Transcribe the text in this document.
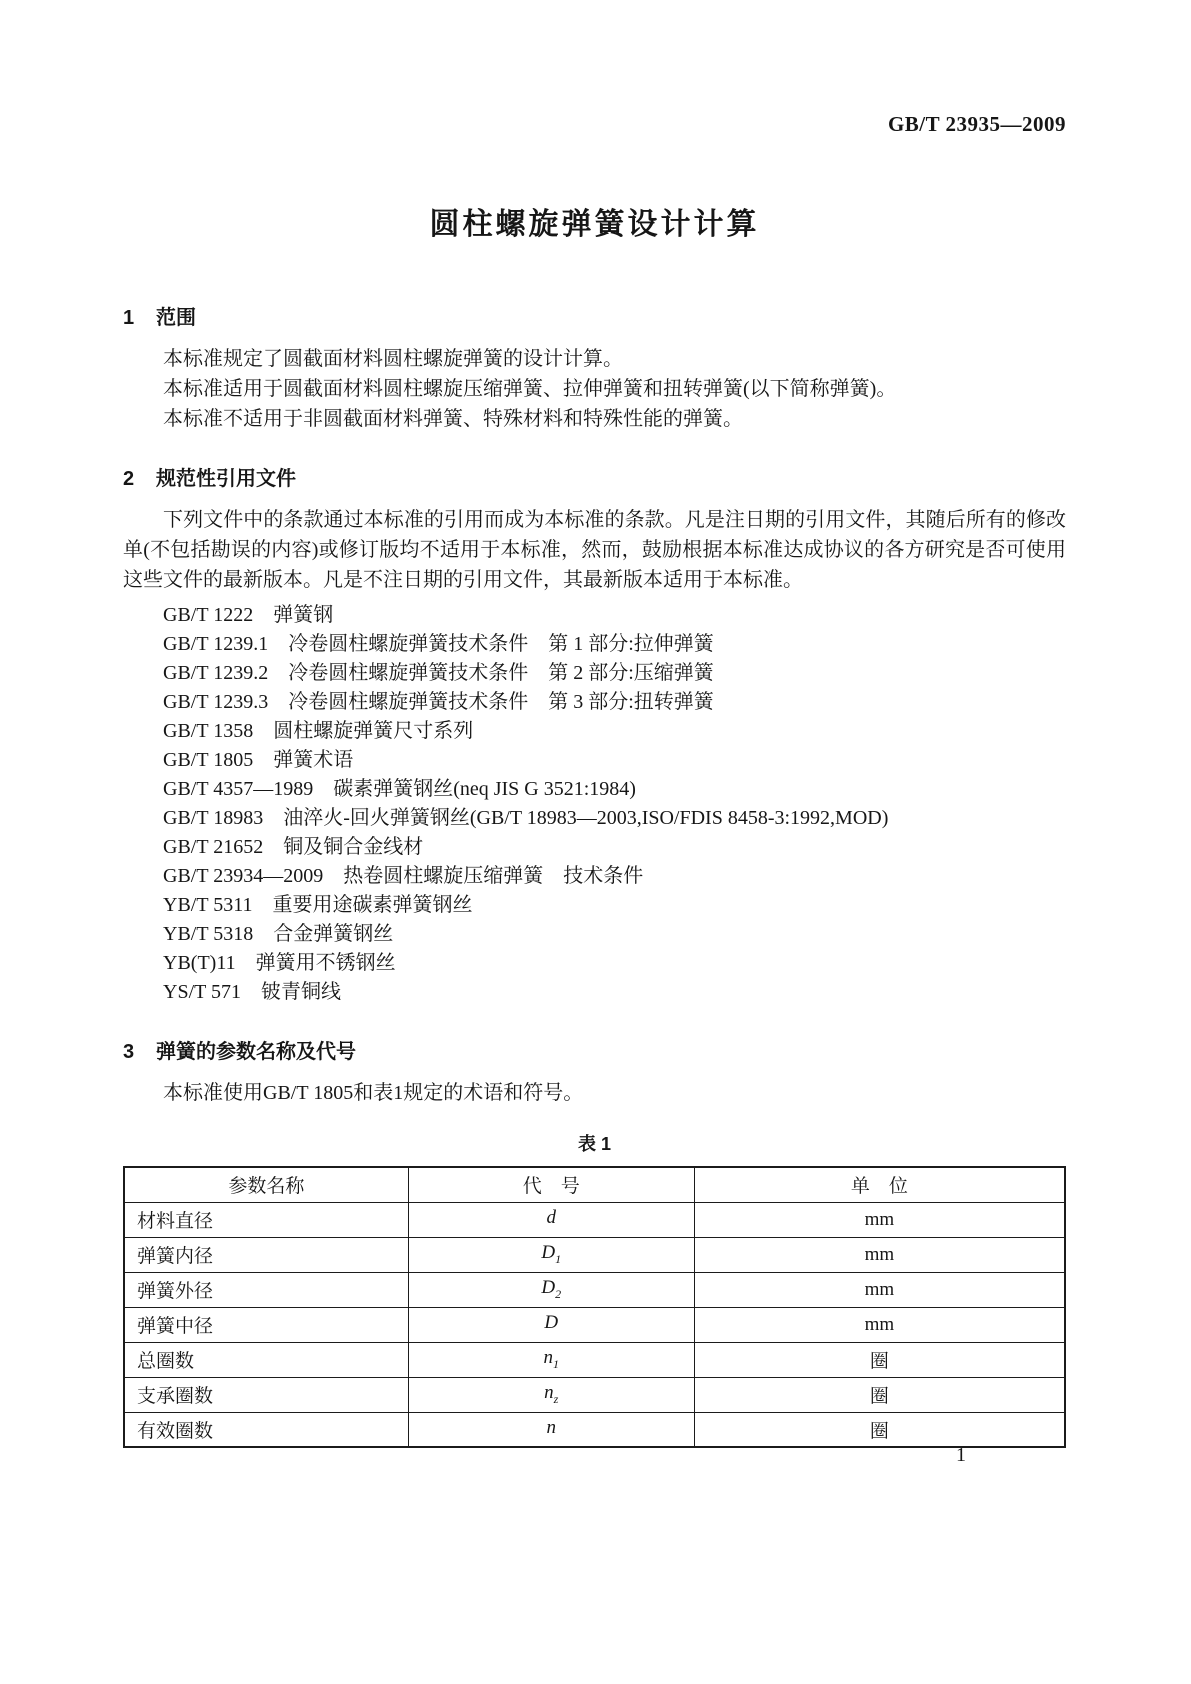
GB/T 23935—2009
圆柱螺旋弹簧设计计算
1 范围

本标准规定了圆截面材料圆柱螺旋弹簧的设计计算。

本标准适用于圆截面材料圆柱螺旋压缩弹簧、拉伸弹簧和扭转弹簧(以下简称弹簧)。

本标准不适用于非圆截面材料弹簧、特殊材料和特殊性能的弹簧。

2 规范性引用文件

下列文件中的条款通过本标准的引用而成为本标准的条款。凡是注日期的引用文件，其随后所有的修改单(不包括勘误的内容)或修订版均不适用于本标准，然而，鼓励根据本标准达成协议的各方研究是否可使用这些文件的最新版本。凡是不注日期的引用文件，其最新版本适用于本标准。

GB/T 1222　弹簧钢

GB/T 1239.1　冷卷圆柱螺旋弹簧技术条件　第 1 部分:拉伸弹簧

GB/T 1239.2　冷卷圆柱螺旋弹簧技术条件　第 2 部分:压缩弹簧

GB/T 1239.3　冷卷圆柱螺旋弹簧技术条件　第 3 部分:扭转弹簧

GB/T 1358　圆柱螺旋弹簧尺寸系列

GB/T 1805　弹簧术语

GB/T 4357—1989　碳素弹簧钢丝(neq JIS G 3521:1984)

GB/T 18983　油淬火-回火弹簧钢丝(GB/T 18983—2003,ISO/FDIS 8458-3:1992,MOD)

GB/T 21652　铜及铜合金线材

GB/T 23934—2009　热卷圆柱螺旋压缩弹簧　技术条件

YB/T 5311　重要用途碳素弹簧钢丝

YB/T 5318　合金弹簧钢丝

YB(T)11　弹簧用不锈钢丝

YS/T 571　铍青铜线

3 弹簧的参数名称及代号

本标准使用GB/T 1805和表1规定的术语和符号。

表 1
参数名称	代　号	单　位
材料直径	d	mm
弹簧内径	$D_1$	mm
弹簧外径	$D_2$	mm
弹簧中径	D	mm
总圈数	$n_1$	圈
支承圈数	$n_z$	圈
有效圈数	n	圈
1
